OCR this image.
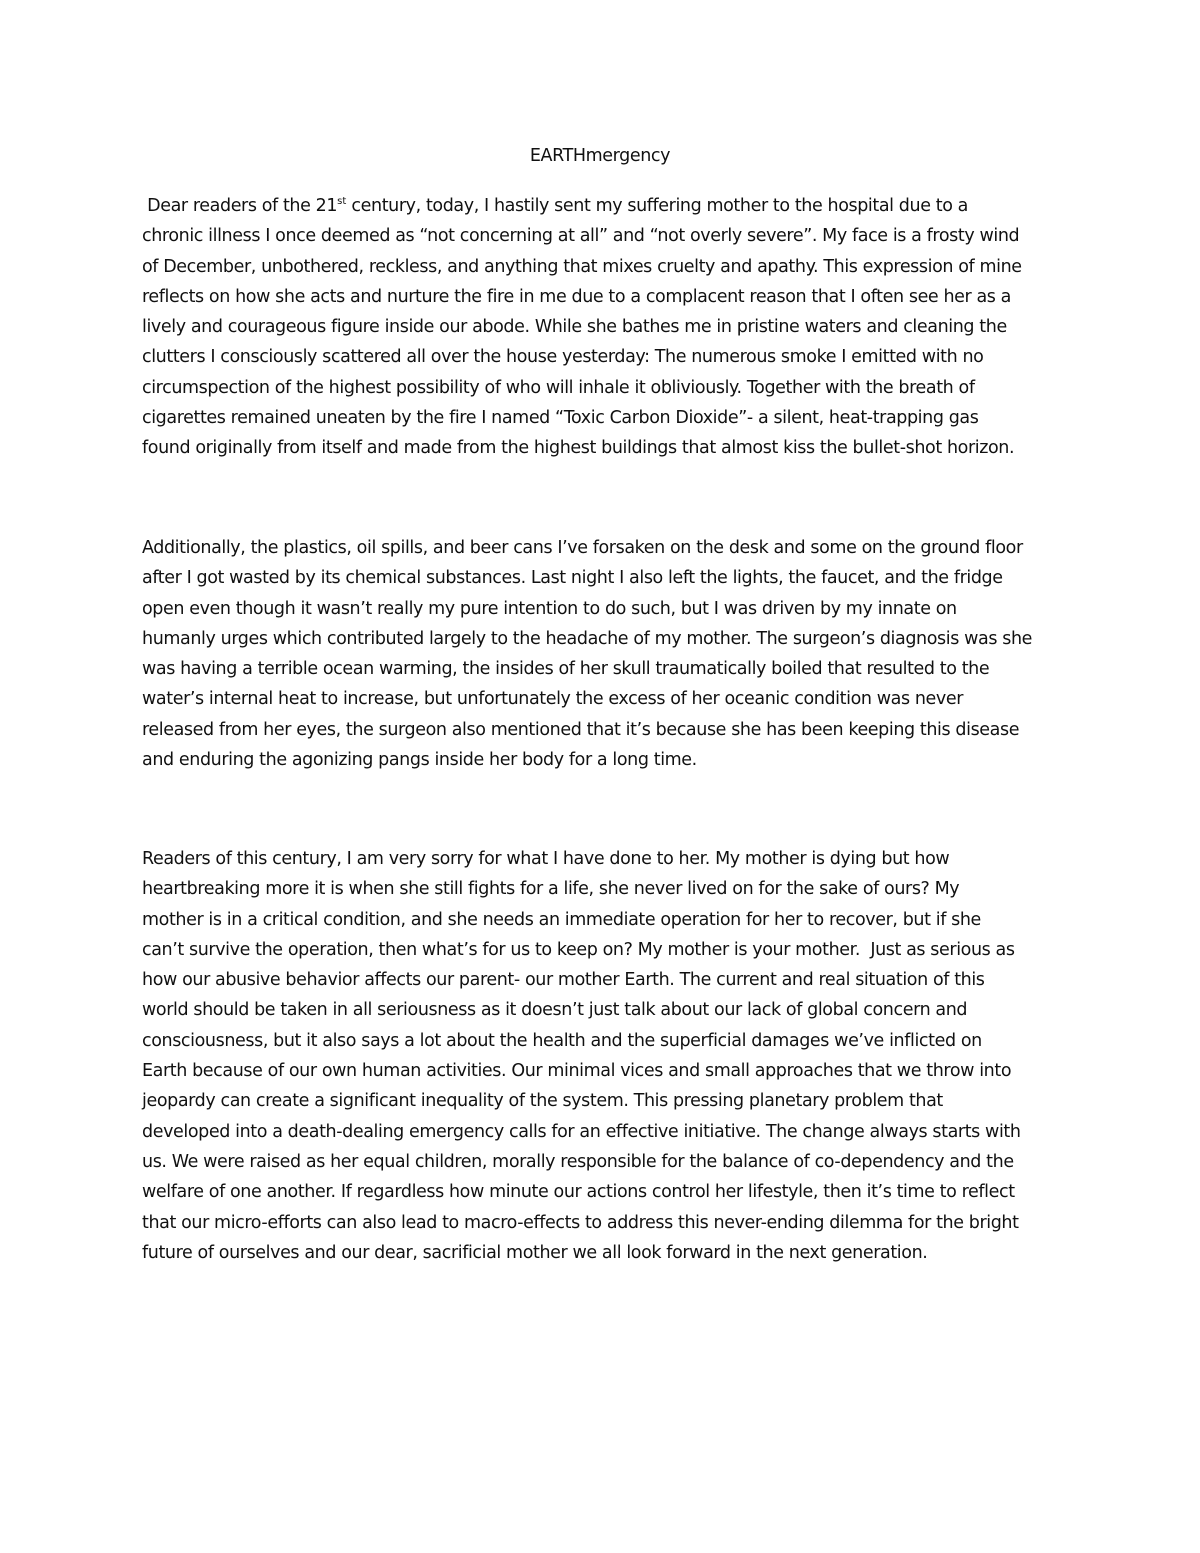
EARTHmergency
Dear readers of the 21st century, today, I hastily sent my suffering mother to the hospital due to a
chronic illness I once deemed as “not concerning at all” and “not overly severe”. My face is a frosty wind
of December, unbothered, reckless, and anything that mixes cruelty and apathy. This expression of mine
reflects on how she acts and nurture the fire in me due to a complacent reason that I often see her as a
lively and courageous figure inside our abode. While she bathes me in pristine waters and cleaning the
clutters I consciously scattered all over the house yesterday: The numerous smoke I emitted with no
circumspection of the highest possibility of who will inhale it obliviously. Together with the breath of
cigarettes remained uneaten by the fire I named “Toxic Carbon Dioxide”- a silent, heat-trapping gas
found originally from itself and made from the highest buildings that almost kiss the bullet-shot horizon.
Additionally, the plastics, oil spills, and beer cans I’ve forsaken on the desk and some on the ground floor
after I got wasted by its chemical substances. Last night I also left the lights, the faucet, and the fridge
open even though it wasn’t really my pure intention to do such, but I was driven by my innate on
humanly urges which contributed largely to the headache of my mother. The surgeon’s diagnosis was she
was having a terrible ocean warming, the insides of her skull traumatically boiled that resulted to the
water’s internal heat to increase, but unfortunately the excess of her oceanic condition was never
released from her eyes, the surgeon also mentioned that it’s because she has been keeping this disease
and enduring the agonizing pangs inside her body for a long time.
Readers of this century, I am very sorry for what I have done to her. My mother is dying but how
heartbreaking more it is when she still fights for a life, she never lived on for the sake of ours? My
mother is in a critical condition, and she needs an immediate operation for her to recover, but if she
can’t survive the operation, then what’s for us to keep on? My mother is your mother.  Just as serious as
how our abusive behavior affects our parent- our mother Earth. The current and real situation of this
world should be taken in all seriousness as it doesn’t just talk about our lack of global concern and
consciousness, but it also says a lot about the health and the superficial damages we’ve inflicted on
Earth because of our own human activities. Our minimal vices and small approaches that we throw into
jeopardy can create a significant inequality of the system. This pressing planetary problem that
developed into a death-dealing emergency calls for an effective initiative. The change always starts with
us. We were raised as her equal children, morally responsible for the balance of co-dependency and the
welfare of one another. If regardless how minute our actions control her lifestyle, then it’s time to reflect
that our micro-efforts can also lead to macro-effects to address this never-ending dilemma for the bright
future of ourselves and our dear, sacrificial mother we all look forward in the next generation.
